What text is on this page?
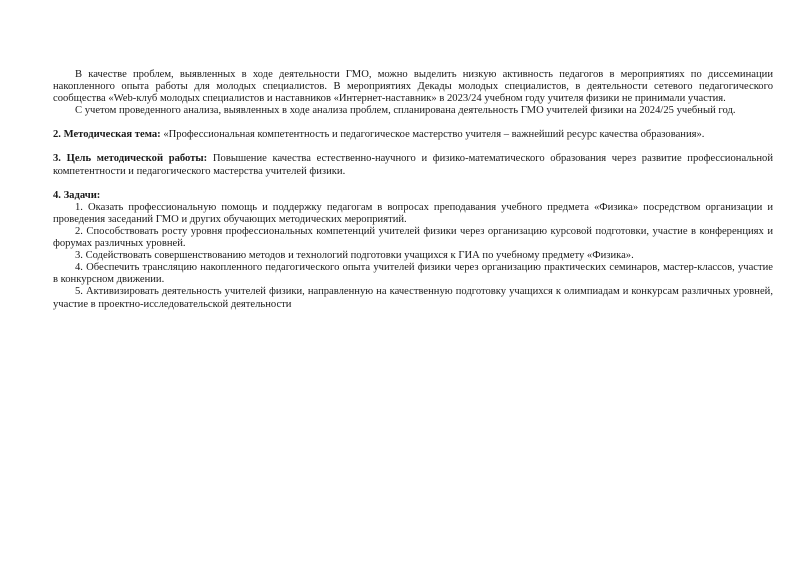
В качестве проблем, выявленных в ходе деятельности ГМО, можно выделить низкую активность педагогов в мероприятиях по диссеминации накопленного опыта работы для молодых специалистов. В мероприятиях Декады молодых специалистов, в деятельности сетевого педагогического сообщества «Web-клуб молодых специалистов и наставников «Интернет-наставник» в 2023/24 учебном году учителя физики не принимали участия.

С учетом проведенного анализа, выявленных в ходе анализа проблем, спланирована деятельность ГМО учителей физики на 2024/25 учебный год.

2. Методическая тема: «Профессиональная компетентность и педагогическое мастерство учителя – важнейший ресурс качества образования».

3. Цель методической работы: Повышение качества естественно-научного и физико-математического образования через развитие профессиональной компетентности и педагогического мастерства учителей физики.

4. Задачи:

1. Оказать профессиональную помощь и поддержку педагогам в вопросах преподавания учебного предмета «Физика» посредством организации и проведения заседаний ГМО и других обучающих методических мероприятий.

2. Способствовать росту уровня профессиональных компетенций учителей физики через организацию курсовой подготовки, участие в конференциях и форумах различных уровней.

3. Содействовать совершенствованию методов и технологий подготовки учащихся к ГИА по учебному предмету «Физика».

4. Обеспечить трансляцию накопленного педагогического опыта учителей физики через организацию практических семинаров, мастер-классов, участие в конкурсном движении.

5. Активизировать деятельность учителей физики, направленную на качественную подготовку учащихся к олимпиадам и конкурсам различных уровней, участие в проектно-исследовательской деятельности
